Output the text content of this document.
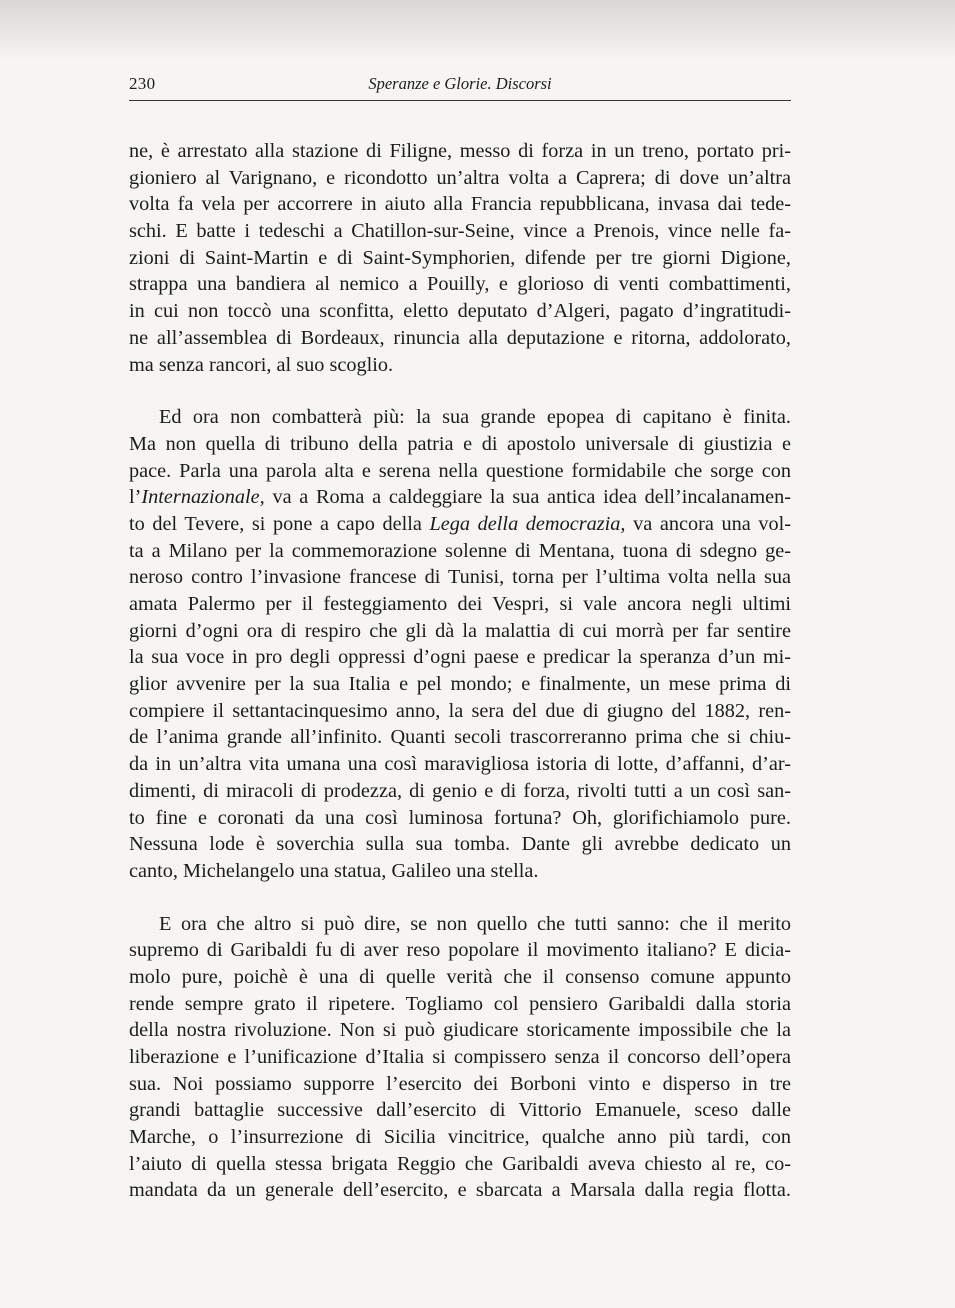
230	Speranze e Glorie. Discorsi
ne, è arrestato alla stazione di Filigne, messo di forza in un treno, portato pri-
gioniero al Varignano, e ricondotto un’altra volta a Caprera; di dove un’altra
volta fa vela per accorrere in aiuto alla Francia repubblicana, invasa dai tede-
schi. E batte i tedeschi a Chatillon-sur-Seine, vince a Prenois, vince nelle fa-
zioni di Saint-Martin e di Saint-Symphorien, difende per tre giorni Digione,
strappa una bandiera al nemico a Pouilly, e glorioso di venti combattimenti,
in cui non toccò una sconfitta, eletto deputato d’Algeri, pagato d’ingratitudi-
ne all’assemblea di Bordeaux, rinuncia alla deputazione e ritorna, addolorato,
ma senza rancori, al suo scoglio.
Ed ora non combatterà più: la sua grande epopea di capitano è finita.
Ma non quella di tribuno della patria e di apostolo universale di giustizia e
pace. Parla una parola alta e serena nella questione formidabile che sorge con
l’Internazionale, va a Roma a caldeggiare la sua antica idea dell’incalanamen-
to del Tevere, si pone a capo della Lega della democrazia, va ancora una vol-
ta a Milano per la commemorazione solenne di Mentana, tuona di sdegno ge-
neroso contro l’invasione francese di Tunisi, torna per l’ultima volta nella sua
amata Palermo per il festeggiamento dei Vespri, si vale ancora negli ultimi
giorni d’ogni ora di respiro che gli dà la malattia di cui morrà per far sentire
la sua voce in pro degli oppressi d’ogni paese e predicar la speranza d’un mi-
glior avvenire per la sua Italia e pel mondo; e finalmente, un mese prima di
compiere il settantacinquesimo anno, la sera del due di giugno del 1882, ren-
de l’anima grande all’infinito. Quanti secoli trascorreranno prima che si chiu-
da in un’altra vita umana una così maravigliosa istoria di lotte, d’affanni, d’ar-
dimenti, di miracoli di prodezza, di genio e di forza, rivolti tutti a un così san-
to fine e coronati da una così luminosa fortuna? Oh, glorifichiamolo pure.
Nessuna lode è soverchia sulla sua tomba. Dante gli avrebbe dedicato un
canto, Michelangelo una statua, Galileo una stella.
E ora che altro si può dire, se non quello che tutti sanno: che il merito
supremo di Garibaldi fu di aver reso popolare il movimento italiano? E dicia-
molo pure, poichè è una di quelle verità che il consenso comune appunto
rende sempre grato il ripetere. Togliamo col pensiero Garibaldi dalla storia
della nostra rivoluzione. Non si può giudicare storicamente impossibile che la
liberazione e l’unificazione d’Italia si compissero senza il concorso dell’opera
sua. Noi possiamo supporre l’esercito dei Borboni vinto e disperso in tre
grandi battaglie successive dall’esercito di Vittorio Emanuele, sceso dalle
Marche, o l’insurrezione di Sicilia vincitrice, qualche anno più tardi, con
l’aiuto di quella stessa brigata Reggio che Garibaldi aveva chiesto al re, co-
mandata da un generale dell’esercito, e sbarcata a Marsala dalla regia flotta.
